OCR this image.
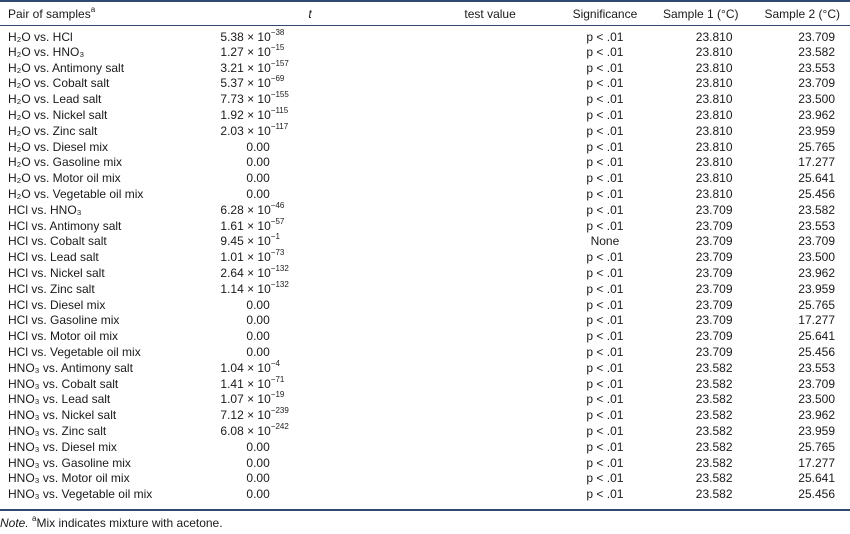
Pair of samples$^a$	t test value	Significance	Sample 1 (°C)	Sample 2 (°C)
H₂O vs. HCl	$5.38 \times 10^{-38}$	p < .01	23.810	23.709
H₂O vs. HNO₃	$1.27 \times 10^{-15}$	p < .01	23.810	23.582
H₂O vs. Antimony salt	$3.21 \times 10^{-157}$	p < .01	23.810	23.553
H₂O vs. Cobalt salt	$5.37 \times 10^{-69}$	p < .01	23.810	23.709
H₂O vs. Lead salt	$7.73 \times 10^{-155}$	p < .01	23.810	23.500
H₂O vs. Nickel salt	$1.92 \times 10^{-115}$	p < .01	23.810	23.962
H₂O vs. Zinc salt	$2.03 \times 10^{-117}$	p < .01	23.810	23.959
H₂O vs. Diesel mix	0.00	p < .01	23.810	25.765
H₂O vs. Gasoline mix	0.00	p < .01	23.810	17.277
H₂O vs. Motor oil mix	0.00	p < .01	23.810	25.641
H₂O vs. Vegetable oil mix	0.00	p < .01	23.810	25.456
HCl vs. HNO₃	$6.28 \times 10^{-46}$	p < .01	23.709	23.582
HCl vs. Antimony salt	$1.61 \times 10^{-57}$	p < .01	23.709	23.553
HCl vs. Cobalt salt	$9.45 \times 10^{-1}$	None	23.709	23.709
HCl vs. Lead salt	$1.01 \times 10^{-73}$	p < .01	23.709	23.500
HCl vs. Nickel salt	$2.64 \times 10^{-132}$	p < .01	23.709	23.962
HCl vs. Zinc salt	$1.14 \times 10^{-132}$	p < .01	23.709	23.959
HCl vs. Diesel mix	0.00	p < .01	23.709	25.765
HCl vs. Gasoline mix	0.00	p < .01	23.709	17.277
HCl vs. Motor oil mix	0.00	p < .01	23.709	25.641
HCl vs. Vegetable oil mix	0.00	p < .01	23.709	25.456
HNO₃ vs. Antimony salt	$1.04 \times 10^{-4}$	p < .01	23.582	23.553
HNO₃ vs. Cobalt salt	$1.41 \times 10^{-71}$	p < .01	23.582	23.709
HNO₃ vs. Lead salt	$1.07 \times 10^{-19}$	p < .01	23.582	23.500
HNO₃ vs. Nickel salt	$7.12 \times 10^{-239}$	p < .01	23.582	23.962
HNO₃ vs. Zinc salt	$6.08 \times 10^{-242}$	p < .01	23.582	23.959
HNO₃ vs. Diesel mix	0.00	p < .01	23.582	25.765
HNO₃ vs. Gasoline mix	0.00	p < .01	23.582	17.277
HNO₃ vs. Motor oil mix	0.00	p < .01	23.582	25.641
HNO₃ vs. Vegetable oil mix	0.00	p < .01	23.582	25.456
Note. $^a$Mix indicates mixture with acetone.
